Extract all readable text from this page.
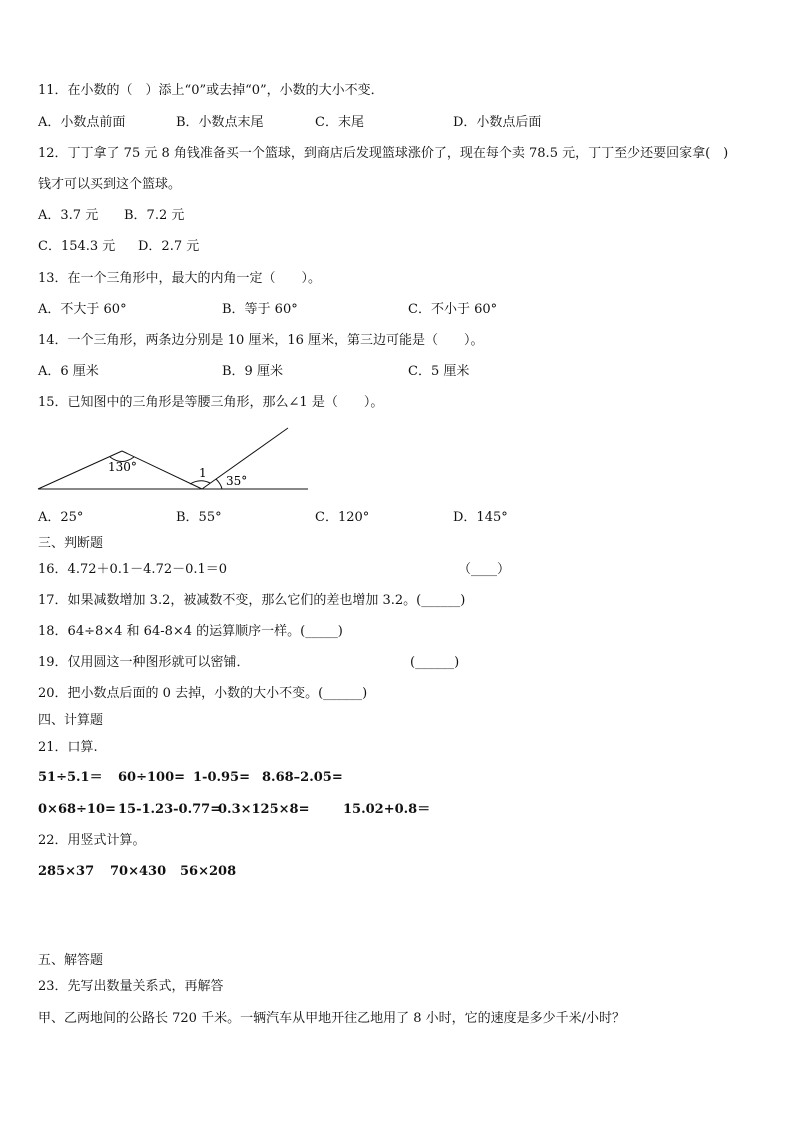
11．在小数的（　）添上“0”或去掉“0”，小数的大小不变．
A．小数点前面	B．小数点末尾	C．末尾	D．小数点后面
12．丁丁拿了 75 元 8 角钱准备买一个篮球，到商店后发现篮球涨价了，现在每个卖 78.5 元，丁丁至少还要回家拿(　)
钱才可以买到这个篮球。
A．3.7 元 B．7.2 元
C．154.3 元 D．2.7 元
13．在一个三角形中，最大的内角一定（　　）。
A．不大于 60°	B．等于 60°	C．不小于 60°
14．一个三角形，两条边分别是 10 厘米，16 厘米，第三边可能是（　　）。
A．6 厘米	B．9 厘米	C．5 厘米
15．已知图中的三角形是等腰三角形，那么∠1 是（　　）。
130°	1
35°
A．25°	B．55°	C．120°	D．145°
三、判断题
16．4.72＋0.1－4.72－0.1＝0	（____）
17．如果减数增加 3.2，被减数不变，那么它们的差也增加 3.2。(______)
18．64÷8×4 和 64-8×4 的运算顺序一样。(_____)
19．仅用圆这一种图形就可以密铺．	(______)
20．把小数点后面的 0 去掉，小数的大小不变。(______)
四、计算题
21．口算.
51÷5.1＝ 60÷100= 1-0.95= 8.68–2.05=
0×68÷10= 15-1.23-0.77=
0.3×125×8=	15.02+0.8＝
22．用竖式计算。
285×37 70×430 56×208
五、解答题
23．先写出数量关系式，再解答
甲、乙两地间的公路长 720 千米。一辆汽车从甲地开往乙地用了 8 小时，它的速度是多少千米/小时？
